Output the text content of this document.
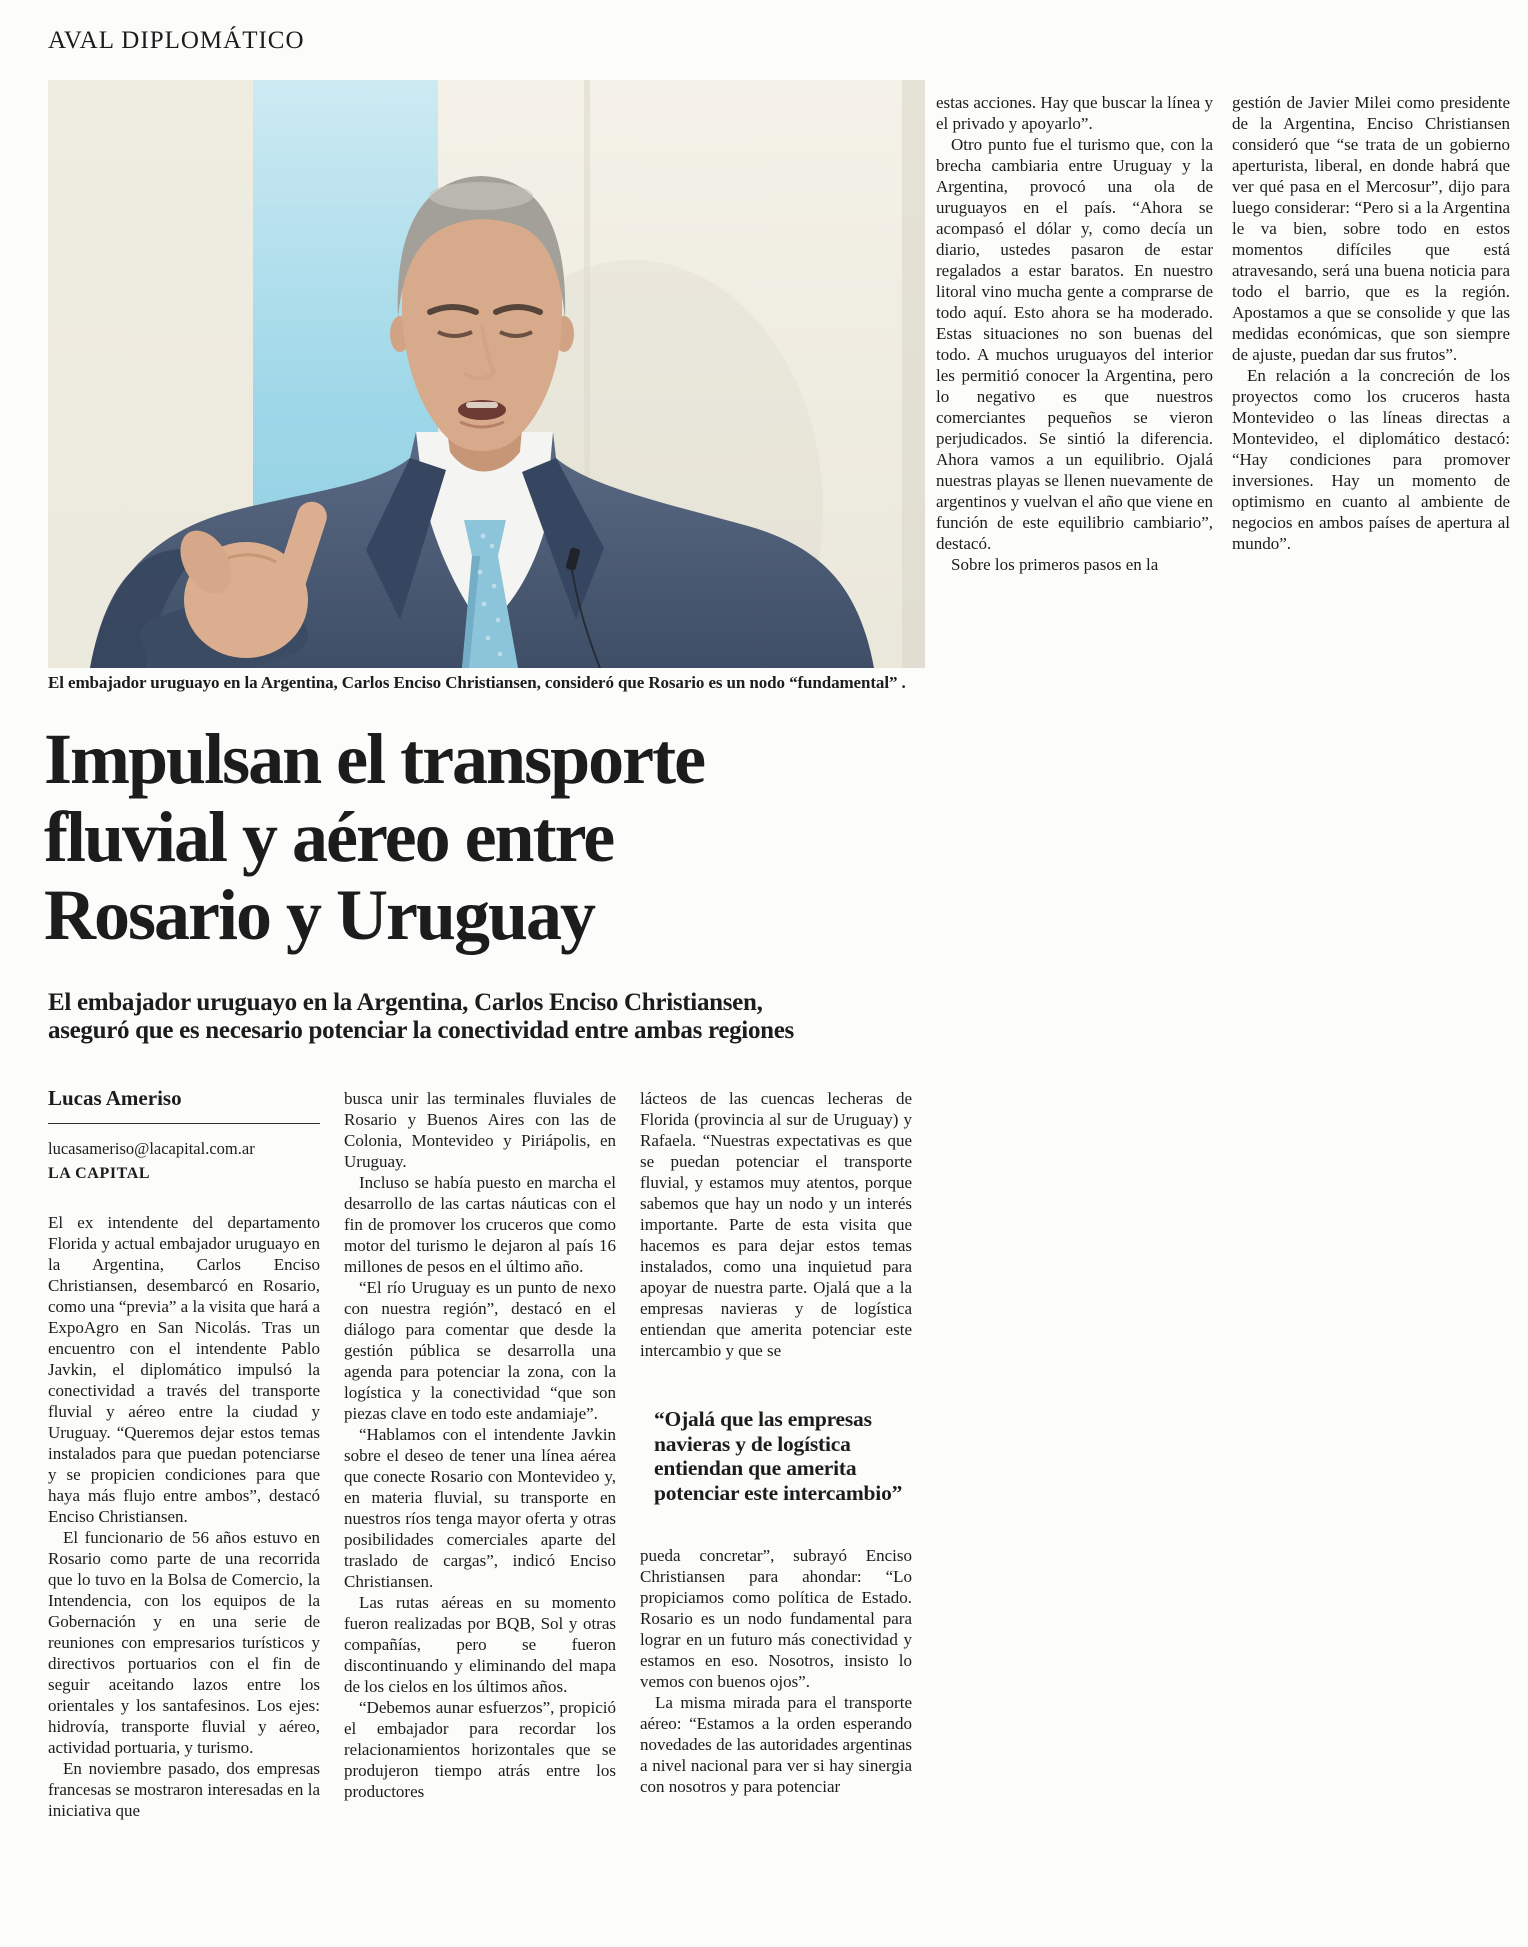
AVAL DIPLOMÁTICO
El embajador uruguayo en la Argentina, Carlos Enciso Christiansen, consideró que Rosario es un nodo “fundamental” .
Impulsan el transporte
fluvial y aéreo entre
Rosario y Uruguay
El embajador uruguayo en la Argentina, Carlos Enciso Christiansen,
aseguró que es necesario potenciar la conectividad entre ambas regiones
Lucas Ameriso
lucasameriso@lacapital.com.ar
LA CAPITAL

El ex intendente del departamento Florida y actual embajador uruguayo en la Argentina, Carlos Enciso Christiansen, desembarcó en Rosario, como una “previa” a la visita que hará a ExpoAgro en San Nicolás. Tras un encuentro con el intendente Pablo Javkin, el diplomático impulsó la conectividad a través del transporte fluvial y aéreo entre la ciudad y Uruguay. “Queremos dejar estos temas instalados para que puedan potenciarse y se propicien condiciones para que haya más flujo entre ambos”, destacó Enciso Christiansen.

El funcionario de 56 años estuvo en Rosario como parte de una recorrida que lo tuvo en la Bolsa de Comercio, la Intendencia, con los equipos de la Gobernación y en una serie de reuniones con empresarios turísticos y directivos portuarios con el fin de seguir aceitando lazos entre los orientales y los santafesinos. Los ejes: hidrovía, transporte fluvial y aéreo, actividad portuaria, y turismo.

En noviembre pasado, dos empresas francesas se mostraron interesadas en la iniciativa que

busca unir las terminales fluviales de Rosario y Buenos Aires con las de Colonia, Montevideo y Piriápolis, en Uruguay.

Incluso se había puesto en marcha el desarrollo de las cartas náuticas con el fin de promover los cruceros que como motor del turismo le dejaron al país 16 millones de pesos en el último año.

“El río Uruguay es un punto de nexo con nuestra región”, destacó en el diálogo para comentar que desde la gestión pública se desarrolla una agenda para potenciar la zona, con la logística y la conectividad “que son piezas clave en todo este andamiaje”.

“Hablamos con el intendente Javkin sobre el deseo de tener una línea aérea que conecte Rosario con Montevideo y, en materia fluvial, su transporte en nuestros ríos tenga mayor oferta y otras posibilidades comerciales aparte del traslado de cargas”, indicó Enciso Christiansen.

Las rutas aéreas en su momento fueron realizadas por BQB, Sol y otras compañías, pero se fueron discontinuando y eliminando del mapa de los cielos en los últimos años.

“Debemos aunar esfuerzos”, propició el embajador para recordar los relacionamientos horizontales que se produjeron tiempo atrás entre los productores

lácteos de las cuencas lecheras de Florida (provincia al sur de Uruguay) y Rafaela. “Nuestras expectativas es que se puedan potenciar el transporte fluvial, y estamos muy atentos, porque sabemos que hay un nodo y un interés importante. Parte de esta visita que hacemos es para dejar estos temas instalados, como una inquietud para apoyar de nuestra parte. Ojalá que a la empresas navieras y de logística entiendan que amerita potenciar este intercambio y que se

“Ojalá que las empresas navieras y de logística entiendan que amerita potenciar este intercambio”

pueda concretar”, subrayó Enciso Christiansen para ahondar: “Lo propiciamos como política de Estado. Rosario es un nodo fundamental para lograr en un futuro más conectividad y estamos en eso. Nosotros, insisto lo vemos con buenos ojos”.

La misma mirada para el transporte aéreo: “Estamos a la orden esperando novedades de las autoridades argentinas a nivel nacional para ver si hay sinergia con nosotros y para potenciar

estas acciones. Hay que buscar la línea y el privado y apoyarlo”.

Otro punto fue el turismo que, con la brecha cambiaria entre Uruguay y la Argentina, provocó una ola de uruguayos en el país. “Ahora se acompasó el dólar y, como decía un diario, ustedes pasaron de estar regalados a estar baratos. En nuestro litoral vino mucha gente a comprarse de todo aquí. Esto ahora se ha moderado. Estas situaciones no son buenas del todo. A muchos uruguayos del interior les permitió conocer la Argentina, pero lo negativo es que nuestros comerciantes pequeños se vieron perjudicados. Se sintió la diferencia. Ahora vamos a un equilibrio. Ojalá nuestras playas se llenen nuevamente de argentinos y vuelvan el año que viene en función de este equilibrio cambiario”, destacó.

Sobre los primeros pasos en la

gestión de Javier Milei como presidente de la Argentina, Enciso Christiansen consideró que “se trata de un gobierno aperturista, liberal, en donde habrá que ver qué pasa en el Mercosur”, dijo para luego considerar: “Pero si a la Argentina le va bien, sobre todo en estos momentos difíciles que está atravesando, será una buena noticia para todo el barrio, que es la región. Apostamos a que se consolide y que las medidas económicas, que son siempre de ajuste, puedan dar sus frutos”.

En relación a la concreción de los proyectos como los cruceros hasta Montevideo o las líneas directas a Montevideo, el diplomático destacó: “Hay condiciones para promover inversiones. Hay un momento de optimismo en cuanto al ambiente de negocios en ambos países de apertura al mundo”.
